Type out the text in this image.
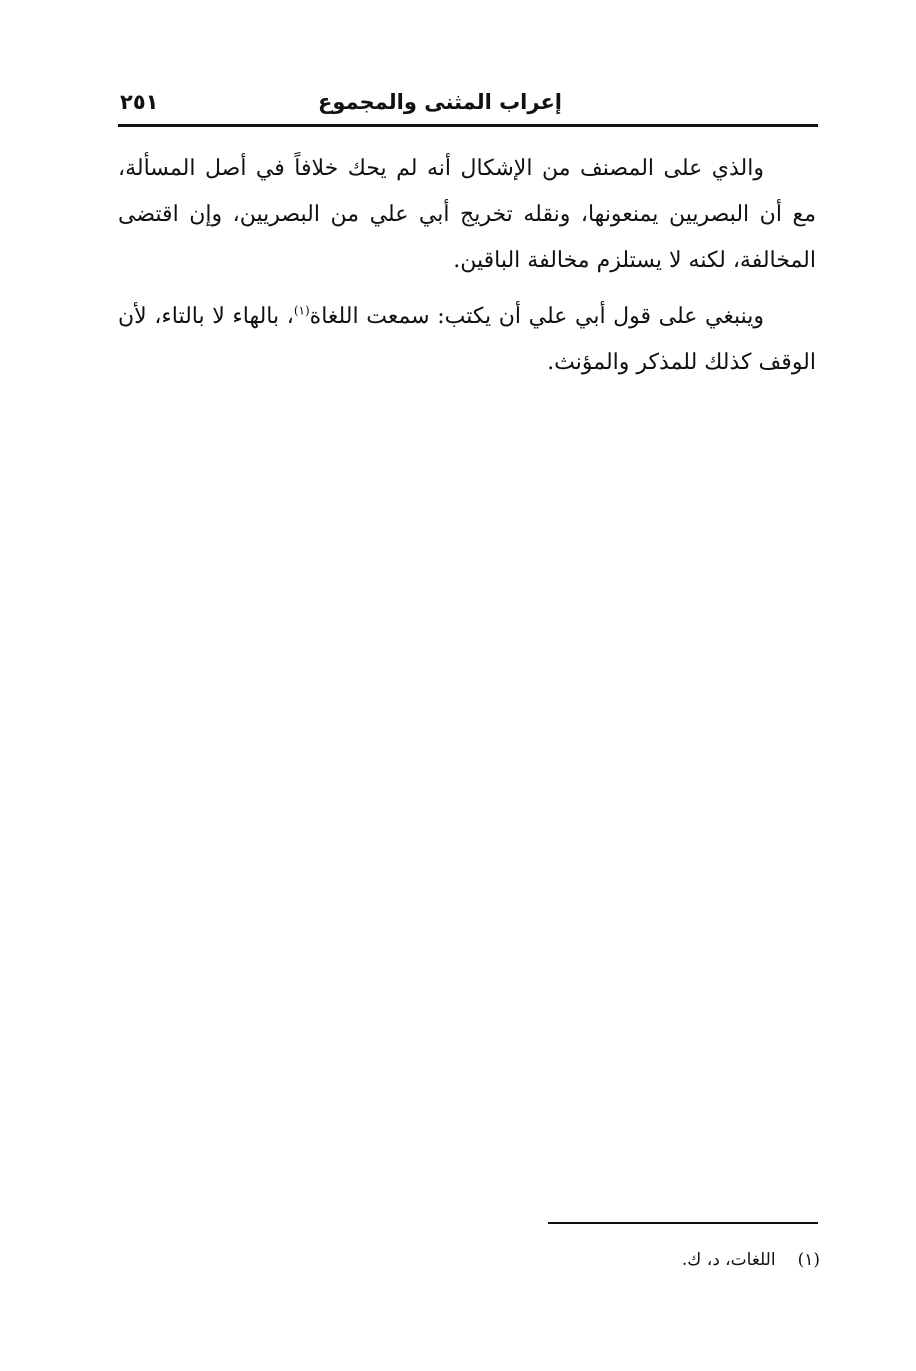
إعراب المثنى والمجموع
٢٥١

والذي على المصنف من الإشكال أنه لم يحك خلافاً في أصل المسألة، مع أن البصريين يمنعونها، ونقله تخريج أبي علي من البصريين، وإن اقتضى المخالفة، لكنه لا يستلزم مخالفة الباقين.

وينبغي على قول أبي علي أن يكتب: سمعت اللغاة$^{(١)}$، بالهاء لا بالتاء، لأن الوقف كذلك للمذكر والمؤنث.

(١)اللغات، د، ك.
